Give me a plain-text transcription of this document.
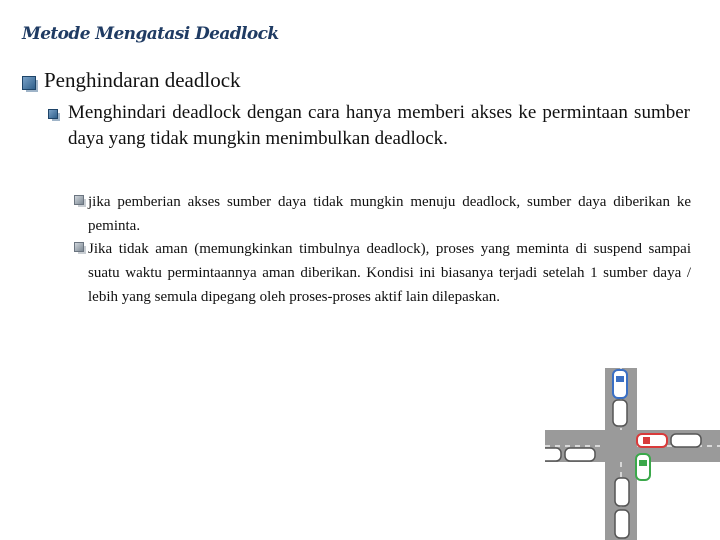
Metode Mengatasi Deadlock
Penghindaran deadlock
Menghindari deadlock dengan cara hanya memberi akses ke permintaan sumber daya yang tidak mungkin menimbulkan deadlock.
jika pemberian akses sumber daya tidak mungkin menuju deadlock, sumber daya diberikan ke peminta.
Jika tidak aman (memungkinkan timbulnya deadlock), proses yang meminta di suspend sampai suatu waktu permintaannya aman diberikan. Kondisi ini biasanya terjadi setelah 1 sumber daya / lebih yang semula dipegang oleh proses-proses aktif lain dilepaskan.
